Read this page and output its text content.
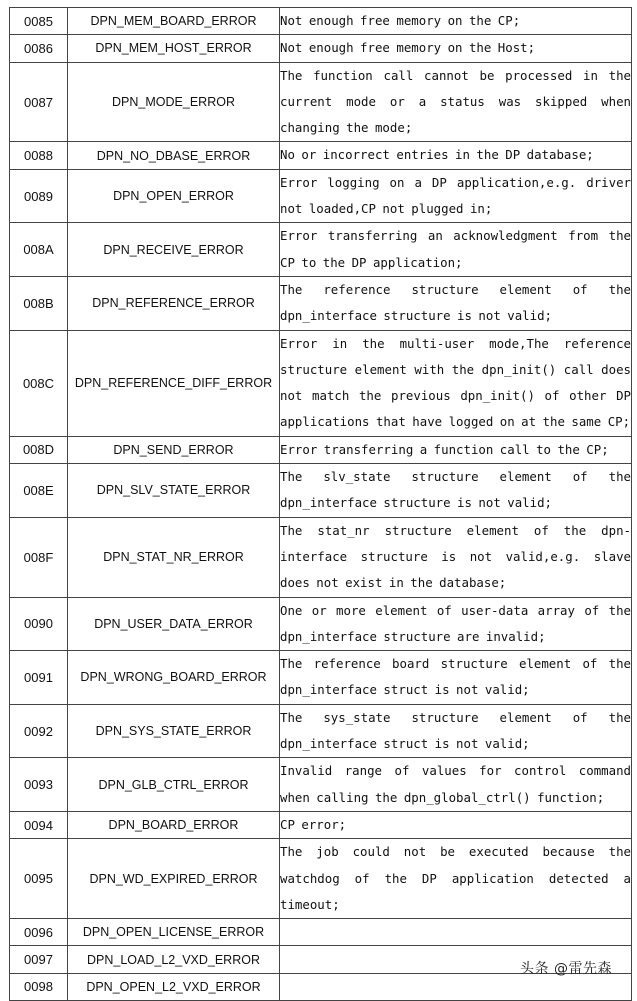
0085	DPN_MEM_BOARD_ERROR	Not enough free memory on the CP;
0086	DPN_MEM_HOST_ERROR	Not enough free memory on the Host;
0087	DPN_MODE_ERROR	The function call cannot be processed in the current mode or a status was skipped when changing the mode;
0088	DPN_NO_DBASE_ERROR	No or incorrect entries in the DP database;
0089	DPN_OPEN_ERROR	Error logging on a DP application,e.g. driver not loaded,CP not plugged in;
008A	DPN_RECEIVE_ERROR	Error transferring an acknowledgment from the CP to the DP application;
008B	DPN_REFERENCE_ERROR	The reference structure element of the dpn_interface structure is not valid;
008C	DPN_REFERENCE_DIFF_ERROR	Error in the multi-user mode,The reference structure element with the dpn_init() call does not match the previous dpn_init() of other DP applications that have logged on at the same CP;
008D	DPN_SEND_ERROR	Error transferring a function call to the CP;
008E	DPN_SLV_STATE_ERROR	The slv_state structure element of the dpn_interface structure is not valid;
008F	DPN_STAT_NR_ERROR	The stat_nr structure element of the dpn-interface structure is not valid,e.g. slave does not exist in the database;
0090	DPN_USER_DATA_ERROR	One or more element of user-data array of the dpn_interface structure are invalid;
0091	DPN_WRONG_BOARD_ERROR	The reference board structure element of the dpn_interface struct is not valid;
0092	DPN_SYS_STATE_ERROR	The sys_state structure element of the dpn_interface struct is not valid;
0093	DPN_GLB_CTRL_ERROR	Invalid range of values for control command when calling the dpn_global_ctrl() function;
0094	DPN_BOARD_ERROR	CP error;
0095	DPN_WD_EXPIRED_ERROR	The job could not be executed because the watchdog of the DP application detected a timeout;
0096	DPN_OPEN_LICENSE_ERROR	
0097	DPN_LOAD_L2_VXD_ERROR	
0098	DPN_OPEN_L2_VXD_ERROR	
头条 @雷先森
